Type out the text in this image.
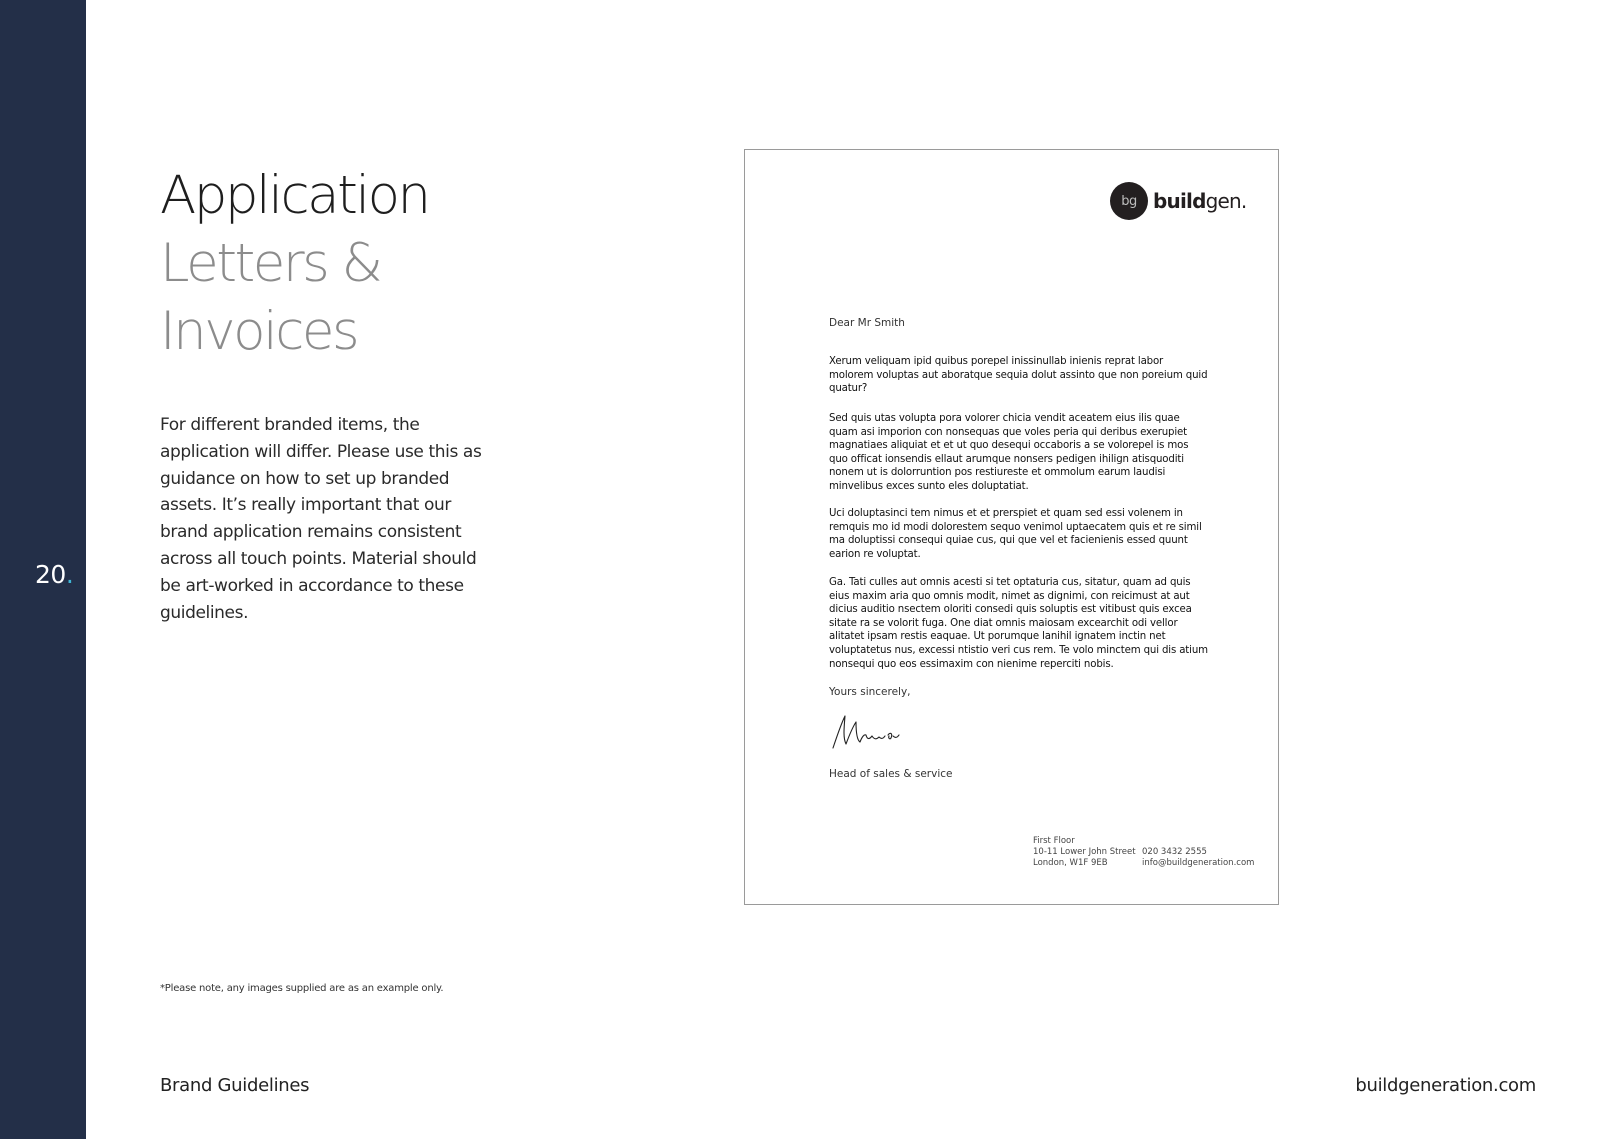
20.
Application
Letters &
Invoices
For different branded items, the application will differ. Please use this as guidance on how to set up branded assets. It’s really important that our brand application remains consistent across all touch points. Material should be art-worked in accordance to these guidelines.
bg buildgen.
Dear Mr Smith
Xerum veliquam ipid quibus porepel inissinullab inienis reprat labor molorem voluptas aut aboratque sequia dolut assinto que non poreium quid quatur?
Sed quis utas volupta pora volorer chicia vendit aceatem eius ilis quae quam asi imporion con nonsequas que voles peria qui deribus exerupiet magnatiaes aliquiat et et ut quo desequi occaboris a se volorepel is mos quo officat ionsendis ellaut arumque nonsers pedigen ihilign atisquoditi nonem ut is dolorruntion pos restiureste et ommolum earum laudisi minvelibus exces sunto eles doluptatiat.
Uci doluptasinci tem nimus et et prerspiet et quam sed essi volenem in remquis mo id modi dolorestem sequo venimol uptaecatem quis et re simil ma doluptissi consequi quiae cus, qui que vel et facienienis essed quunt earion re voluptat.
Ga. Tati culles aut omnis acesti si tet optaturia cus, sitatur, quam ad quis eius maxim aria quo omnis modit, nimet as dignimi, con reicimust at aut dicius auditio nsectem oloriti consedi quis soluptis est vitibust quis excea sitate ra se volorit fuga. One diat omnis maiosam excearchit odi vellor alitatet ipsam restis eaquae. Ut porumque lanihil ignatem inctin net voluptatetus nus, excessi ntistio veri cus rem. Te volo minctem qui dis atium nonsequi quo eos essimaxim con nienime reperciti nobis.
Yours sincerely,
Head of sales & service
First Floor
10-11 Lower John Street
London, W1F 9EB
020 3432 2555
info@buildgeneration.com
*Please note, any images supplied are as an example only.
Brand Guidelines	buildgeneration.com
